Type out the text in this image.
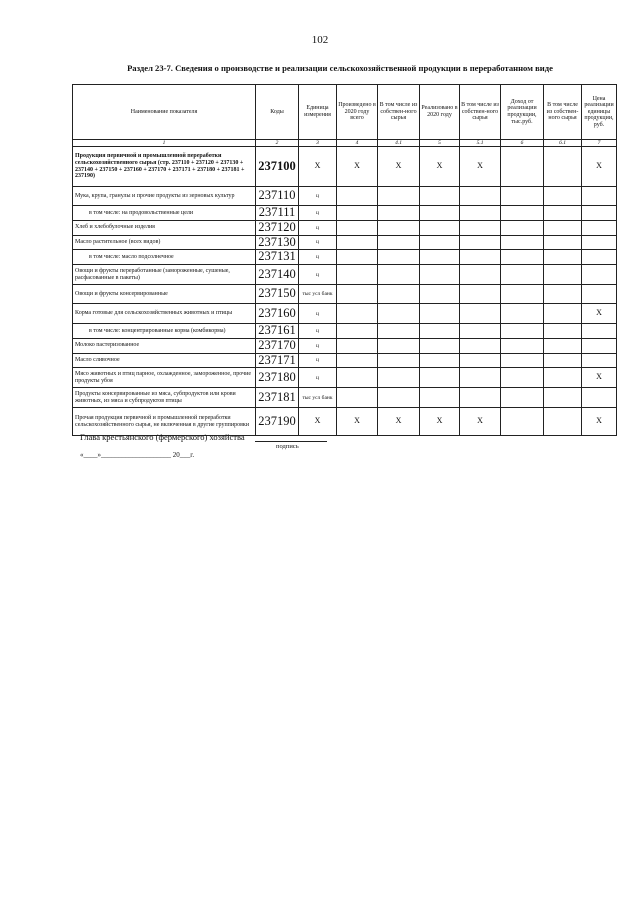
102
Раздел 23-7. Сведения о производстве и реализации сельскохозяйственной продукции в переработанном виде
Наименование показателя	Коды	Единица измерения	Произведено в 2020 году всего	В том числе из собствен-ного сырья	Реализовано в 2020 году	В том числе из собствен-ного сырья	Доход от реализации продукции, тыс.руб.	В том числе из собствен-ного сырья	Цена реализации единицы продукции, руб.
1	2	3	4	4.1	5	5.1	6	6.1	7
Продукция первичной и промышленной переработки сельскохозяйственного сырья (стр. 237110 + 237120 + 237130 + 237140 + 237150 + 237160 + 237170 + 237171 + 237180 + 237181 + 237190)	237100	X	X	X	X	X			X
Мука, крупа, гранулы и прочие продукты из зерновых культур	237110	ц							
в том числе: на продовольственные цели	237111	ц							
Хлеб и хлебобулочные изделия	237120	ц							
Масло растительное (всех видов)	237130	ц							
в том числе: масло подсолнечное	237131	ц							
Овощи и фрукты переработанные (замороженные, сушеные, расфасованные в пакеты)	237140	ц							
Овощи и фрукты консервированные	237150	тыс усл банк							
Корма готовые для сельскохозяйственных животных и птицы	237160	ц							X
в том числе: концентрированные корма (комбикорма)	237161	ц							
Молоко пастеризованное	237170	ц							
Масло сливочное	237171	ц							
Мясо животных и птиц парное, охлажденное, замороженное, прочие продукты убоя	237180	ц							X
Продукты консервированные из мяса, субпродуктов или крови животных, из мяса и субпродуктов птицы	237181	тыс усл банк							
Прочая продукция первичной и промышленной переработки сельскохозяйственного сырья, не включенная в другие группировки	237190	X	X	X	X	X			X
Глава крестьянского (фермерского) хозяйства
подпись
«____»____________________ 20___г.
